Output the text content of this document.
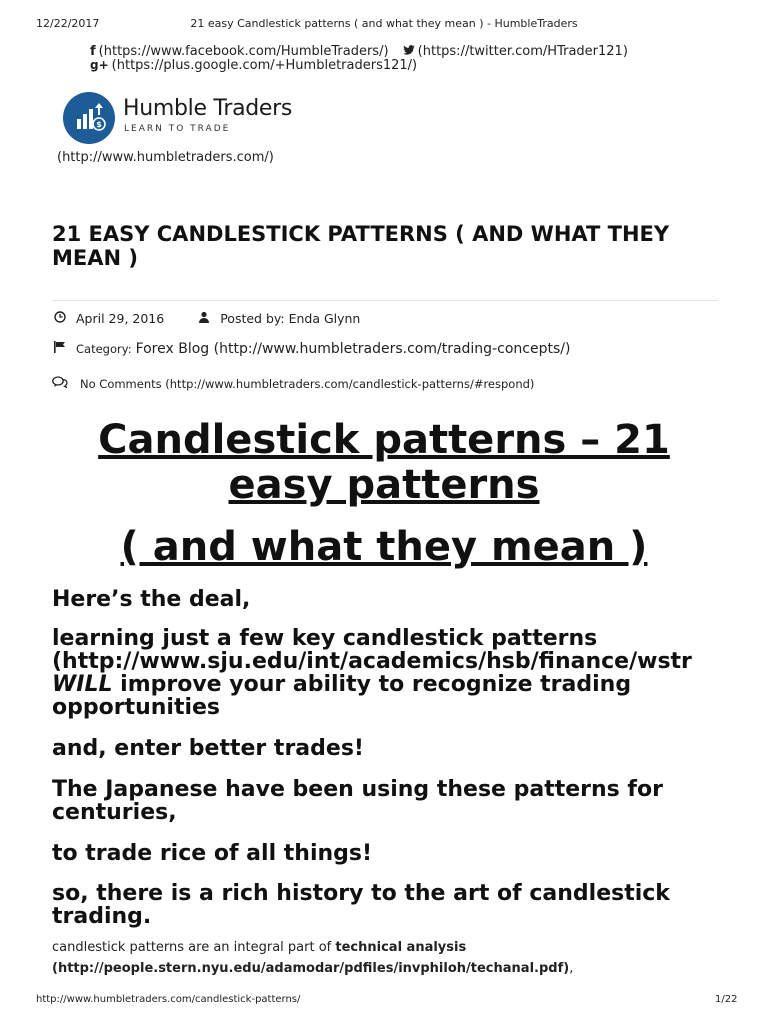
12/22/2017	21 easy Candlestick patterns ( and what they mean ) - HumbleTraders
f (https://www.facebook.com/HumbleTraders/) (https://twitter.com/HTrader121)
g+ (https://plus.google.com/+Humbletraders121/)
$
Humble Traders
LEARN TO TRADE
(http://www.humbletraders.com/)
21 EASY CANDLESTICK PATTERNS ( AND WHAT THEY MEAN )
April 29, 2016	Posted by: Enda Glynn
Category: Forex Blog (http://www.humbletraders.com/trading-concepts/)
No Comments (http://www.humbletraders.com/candlestick-patterns/#respond)
Candlestick patterns – 21
easy patterns
( and what they mean )
Here’s the deal,
learning just a few key candlestick patterns
(http://www.sju.edu/int/academics/hsb/finance/wstr
WILL improve your ability to recognize trading
opportunities
and, enter better trades!
The Japanese have been using these patterns for centuries,
to trade rice of all things!
so, there is a rich history to the art of candlestick trading.
candlestick patterns are an integral part of technical analysis
(http://people.stern.nyu.edu/adamodar/pdfiles/invphiloh/techanal.pdf),
http://www.humbletraders.com/candlestick-patterns/	1/22
